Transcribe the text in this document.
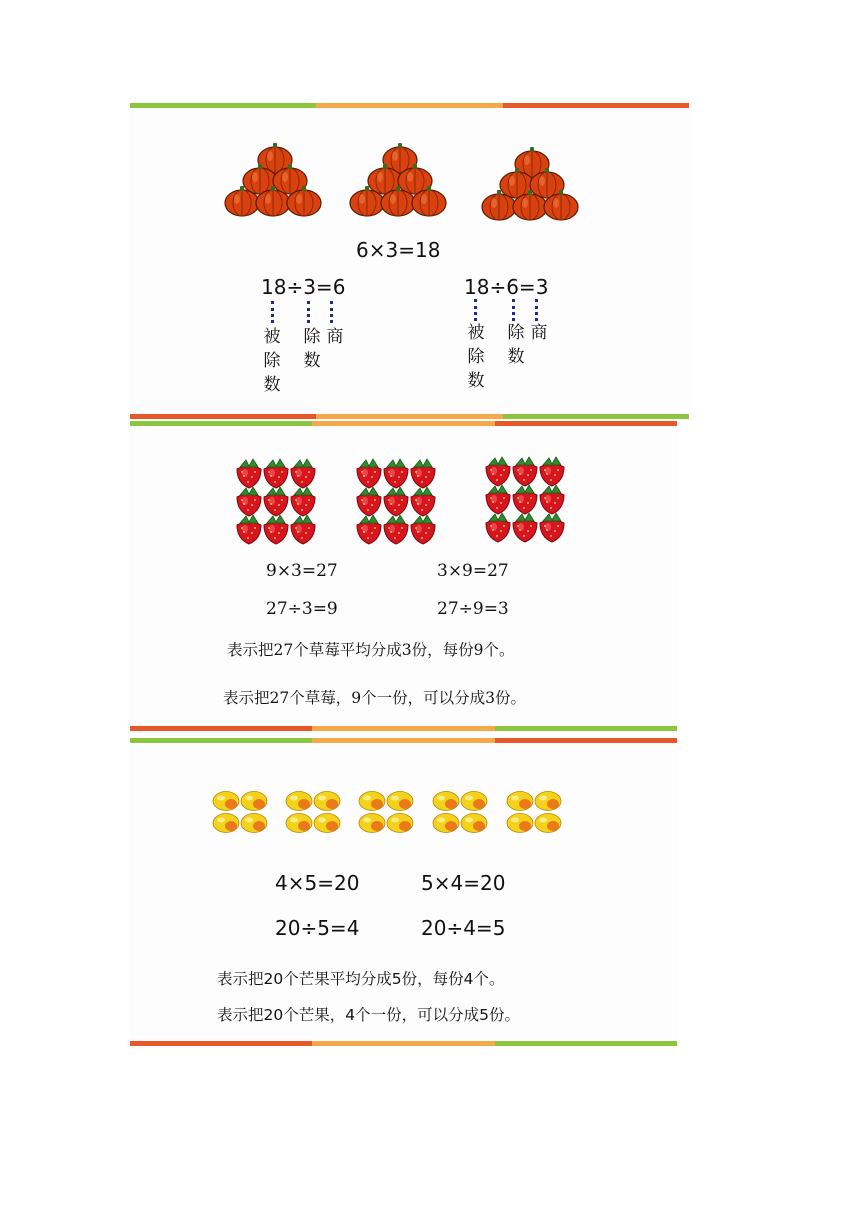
6×3=18
18÷3=6
被
除
数
除
数
商
18÷6=3
被
除
数
除
数
商
9×3=27	3×9=27
27÷3=9	27÷9=3
表示把27个草莓平均分成3份，每份9个。
表示把27个草莓，9个一份，可以分成3份。
4×5=20	5×4=20
20÷5=4	20÷4=5
表示把20个芒果平均分成5份，每份4个。
表示把20个芒果，4个一份，可以分成5份。
